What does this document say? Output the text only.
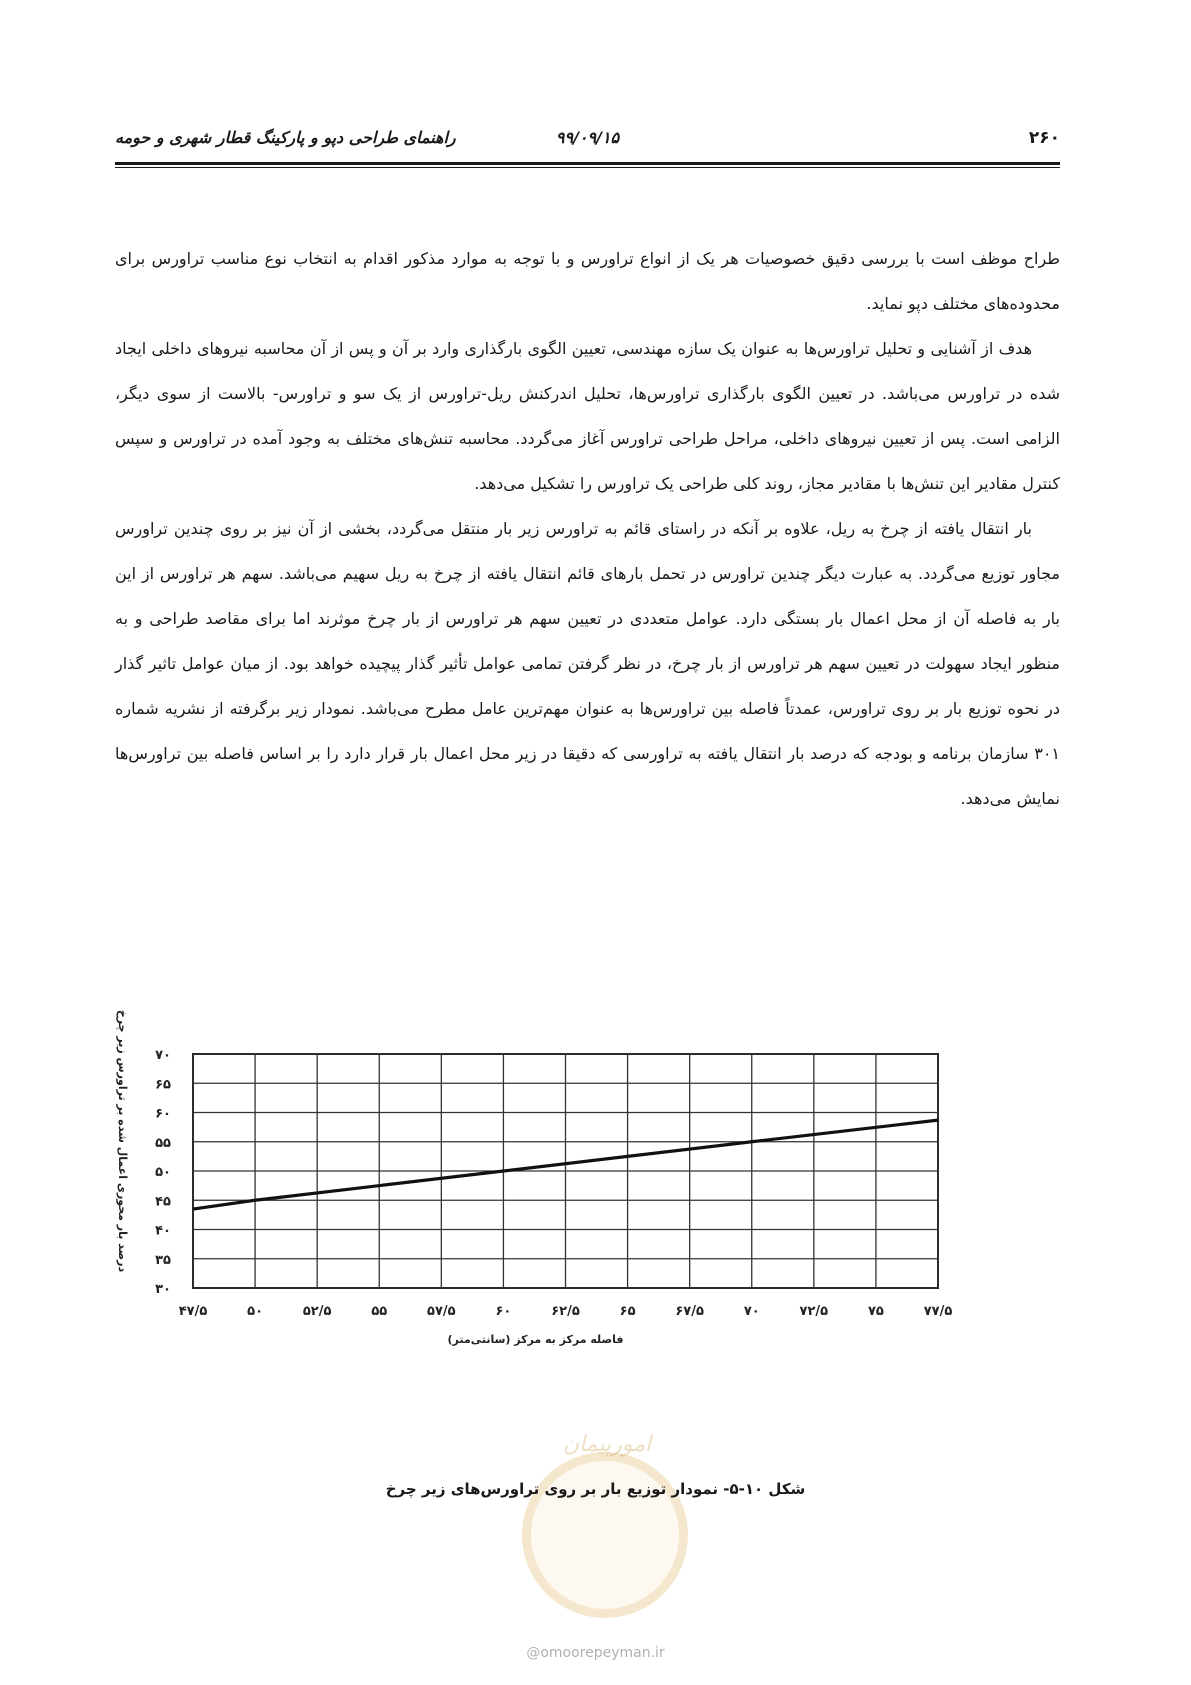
۲۶۰
۹۹/۰۹/۱۵
راهنمای طراحی دپو و پارکینگ قطار شهری و حومه

طراح موظف است با بررسی دقیق خصوصیات هر یک از انواع تراورس و با توجه به موارد مذکور اقدام به انتخاب نوع مناسب تراورس برای محدوده‌های مختلف دپو نماید.

هدف از آشنایی و تحلیل تراورس‌ها به عنوان یک سازه مهندسی، تعیین الگوی بارگذاری وارد بر آن و پس از آن محاسبه نیروهای داخلی ایجاد شده در تراورس می‌باشد. در تعیین الگوی بارگذاری تراورس‌ها، تحلیل اندرکنش ریل-تراورس از یک سو و تراورس- بالاست از سوی دیگر، الزامی است. پس از تعیین نیروهای داخلی، مراحل طراحی تراورس آغاز می‌گردد. محاسبه تنش‌های مختلف به وجود آمده در تراورس و سپس کنترل مقادیر این تنش‌ها با مقادیر مجاز، روند کلی طراحی یک تراورس را تشکیل می‌دهد.

بار انتقال یافته از چرخ به ریل، علاوه بر آنکه در راستای قائم به تراورس زیر بار منتقل می‌گردد، بخشی از آن نیز بر روی چندین تراورس مجاور توزیع می‌گردد. به عبارت دیگر چندین تراورس در تحمل بارهای قائم انتقال یافته از چرخ به ریل سهیم می‌باشد. سهم هر تراورس از این بار به فاصله آن از محل اعمال بار بستگی دارد. عوامل متعددی در تعیین سهم هر تراورس از بار چرخ موثرند اما برای مقاصد طراحی و به منظور ایجاد سهولت در تعیین سهم هر تراورس از بار چرخ، در نظر گرفتن تمامی عوامل تأثیر گذار پیچیده خواهد بود. از میان عوامل تاثیر گذار در نحوه توزیع بار بر روی تراورس، عمدتاً فاصله بین تراورس‌ها به عنوان مهم‌ترین عامل مطرح می‌باشد. نمودار زیر برگرفته از نشریه شماره ۳۰۱ سازمان برنامه و بودجه که درصد بار انتقال یافته به تراورسی که دقیقا در زیر محل اعمال بار قرار دارد را بر اساس فاصله بین تراورس‌ها نمایش می‌دهد.

۴۷/۵	۵۰	۵۲/۵	۵۵	۵۷/۵	۶۰	۶۲/۵	۶۵	۶۷/۵	۷۰	۷۲/۵	۷۵	۷۷/۵
۳۰
۳۵
۴۰
۴۵
۵۰
۵۵
۶۰
۶۵
۷۰
فاصله مرکز به مرکز (سانتی‌متر)
درصد بار محوری اعمال شده بر تراورس زیر چرخ
امورپیمان
شکل ۱۰-۵- نمودار توزیع بار بر روی تراورس‌های زیر چرخ
@omoorepeyman.ir
